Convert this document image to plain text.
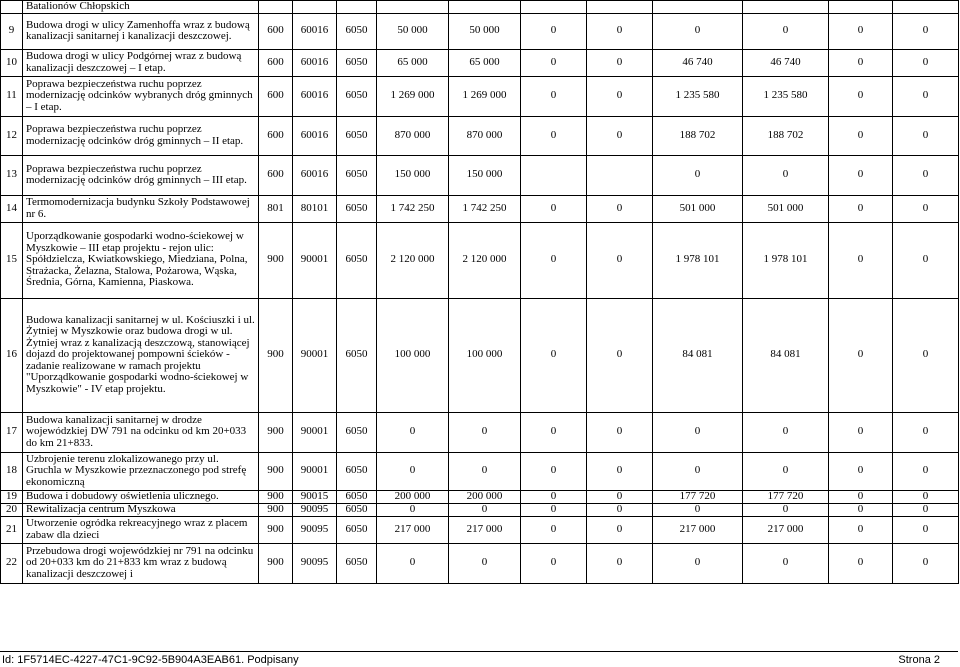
	Batalionów Chłopskich											
9	Budowa drogi w ulicy Zamenhoffa wraz z budową kanalizacji sanitarnej i kanalizacji deszczowej.	600	60016	6050	50 000	50 000	0	0	0	0	0	0
10	Budowa drogi w ulicy Podgórnej wraz z budową kanalizacji deszczowej – I etap.	600	60016	6050	65 000	65 000	0	0	46 740	46 740	0	0
11	Poprawa bezpieczeństwa ruchu poprzez modernizację odcinków wybranych dróg gminnych – I etap.	600	60016	6050	1 269 000	1 269 000	0	0	1 235 580	1 235 580	0	0
12	Poprawa bezpieczeństwa ruchu poprzez modernizację odcinków dróg gminnych – II etap.	600	60016	6050	870 000	870 000	0	0	188 702	188 702	0	0
13	Poprawa bezpieczeństwa ruchu poprzez modernizację odcinków dróg gminnych – III etap.	600	60016	6050	150 000	150 000			0	0	0	0
14	Termomodernizacja budynku Szkoły Podstawowej nr 6.	801	80101	6050	1 742 250	1 742 250	0	0	501 000	501 000	0	0
15	Uporządkowanie gospodarki wodno-ściekowej w Myszkowie – III etap projektu - rejon ulic: Spółdzielcza, Kwiatkowskiego, Miedziana, Polna, Strażacka, Żelazna, Stalowa, Pożarowa, Wąska, Średnia, Górna, Kamienna, Piaskowa.	900	90001	6050	2 120 000	2 120 000	0	0	1 978 101	1 978 101	0	0
16	Budowa kanalizacji sanitarnej w ul. Kościuszki i ul. Żytniej w Myszkowie oraz budowa drogi w ul. Żytniej wraz z kanalizacją deszczową, stanowiącej dojazd do projektowanej pompowni ścieków - zadanie realizowane w ramach projektu "Uporządkowanie gospodarki wodno-ściekowej w Myszkowie" - IV etap projektu.	900	90001	6050	100 000	100 000	0	0	84 081	84 081	0	0
17	Budowa kanalizacji sanitarnej w drodze wojewódzkiej DW 791 na odcinku od km 20+033 do km 21+833.	900	90001	6050	0	0	0	0	0	0	0	0
18	Uzbrojenie terenu zlokalizowanego przy ul. Gruchla w Myszkowie przeznaczonego pod strefę ekonomiczną	900	90001	6050	0	0	0	0	0	0	0	0
19	Budowa i dobudowy oświetlenia ulicznego.	900	90015	6050	200 000	200 000	0	0	177 720	177 720	0	0
20	Rewitalizacja centrum Myszkowa	900	90095	6050	0	0	0	0	0	0	0	0
21	Utworzenie ogródka rekreacyjnego wraz z placem zabaw dla dzieci	900	90095	6050	217 000	217 000	0	0	217 000	217 000	0	0
22	Przebudowa drogi wojewódzkiej nr 791 na odcinku od 20+033 km do 21+833 km wraz z budową kanalizacji deszczowej i	900	90095	6050	0	0	0	0	0	0	0	0
Id: 1F5714EC-4227-47C1-9C92-5B904A3EAB61. Podpisany	Strona 2
